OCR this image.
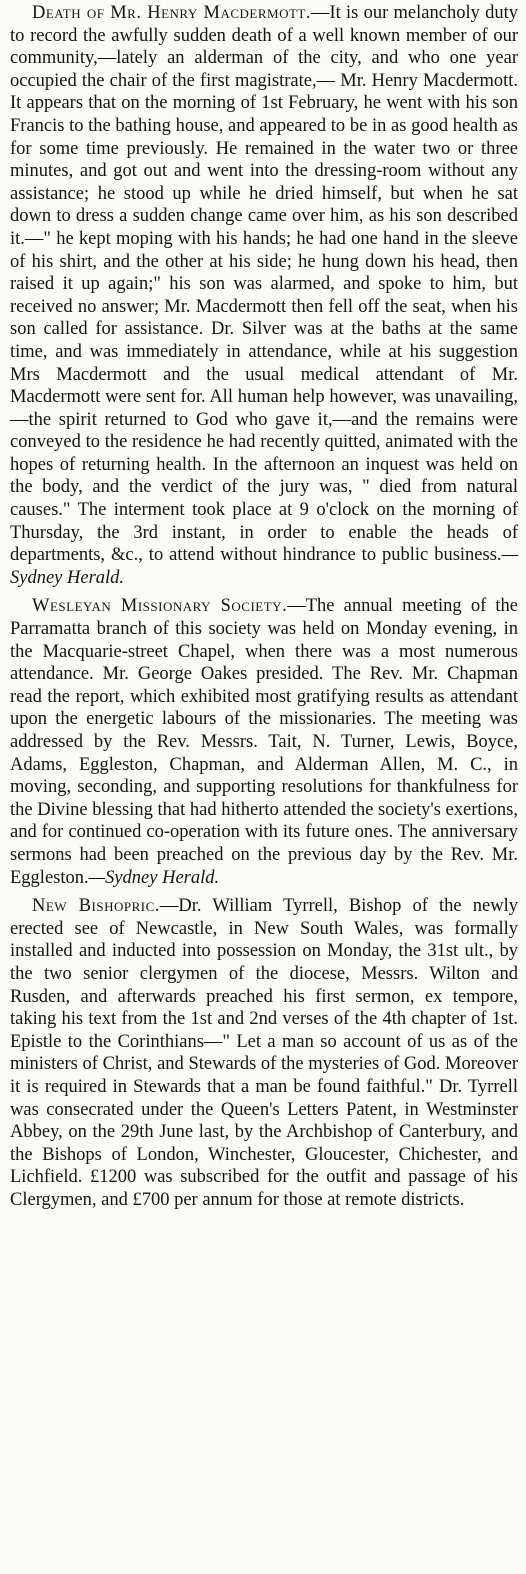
Death of Mr. Henry Macdermott.—It is our melancholy duty to record the awfully sudden death of a well known member of our community,—lately an alderman of the city, and who one year occupied the chair of the first magistrate,— Mr. Henry Macdermott. It appears that on the morning of 1st February, he went with his son Francis to the bathing house, and appeared to be in as good health as for some time previously. He remained in the water two or three minutes, and got out and went into the dressing-room without any assistance; he stood up while he dried himself, but when he sat down to dress a sudden change came over him, as his son described it.—" he kept moping with his hands; he had one hand in the sleeve of his shirt, and the other at his side; he hung down his head, then raised it up again;" his son was alarmed, and spoke to him, but received no answer; Mr. Macdermott then fell off the seat, when his son called for assistance. Dr. Silver was at the baths at the same time, and was immediately in attendance, while at his suggestion Mrs Macdermott and the usual medical attendant of Mr. Macdermott were sent for. All human help however, was unavailing,—the spirit returned to God who gave it,—and the remains were conveyed to the residence he had recently quitted, animated with the hopes of returning health. In the afternoon an inquest was held on the body, and the verdict of the jury was, " died from natural causes." The interment took place at 9 o'clock on the morning of Thursday, the 3rd instant, in order to enable the heads of departments, &c., to attend without hindrance to public business.—Sydney Herald.

Wesleyan Missionary Society.—The annual meeting of the Parramatta branch of this society was held on Monday evening, in the Macquarie-street Chapel, when there was a most numerous attendance. Mr. George Oakes presided. The Rev. Mr. Chapman read the report, which exhibited most gratifying results as attendant upon the energetic labours of the missionaries. The meeting was addressed by the Rev. Messrs. Tait, N. Turner, Lewis, Boyce, Adams, Eggleston, Chapman, and Alderman Allen, M. C., in moving, seconding, and supporting resolutions for thankfulness for the Divine blessing that had hitherto attended the society's exertions, and for continued co-operation with its future ones. The anniversary sermons had been preached on the previous day by the Rev. Mr. Eggleston.—Sydney Herald.

New Bishopric.—Dr. William Tyrrell, Bishop of the newly erected see of Newcastle, in New South Wales, was formally installed and inducted into possession on Monday, the 31st ult., by the two senior clergymen of the diocese, Messrs. Wilton and Rusden, and afterwards preached his first sermon, ex tempore, taking his text from the 1st and 2nd verses of the 4th chapter of 1st. Epistle to the Corinthians—" Let a man so account of us as of the ministers of Christ, and Stewards of the mysteries of God. Moreover it is required in Stewards that a man be found faithful." Dr. Tyrrell was consecrated under the Queen's Letters Patent, in Westminster Abbey, on the 29th June last, by the Archbishop of Canterbury, and the Bishops of London, Winchester, Gloucester, Chichester, and Lichfield. £1200 was subscribed for the outfit and passage of his Clergymen, and £700 per annum for those at remote districts.
